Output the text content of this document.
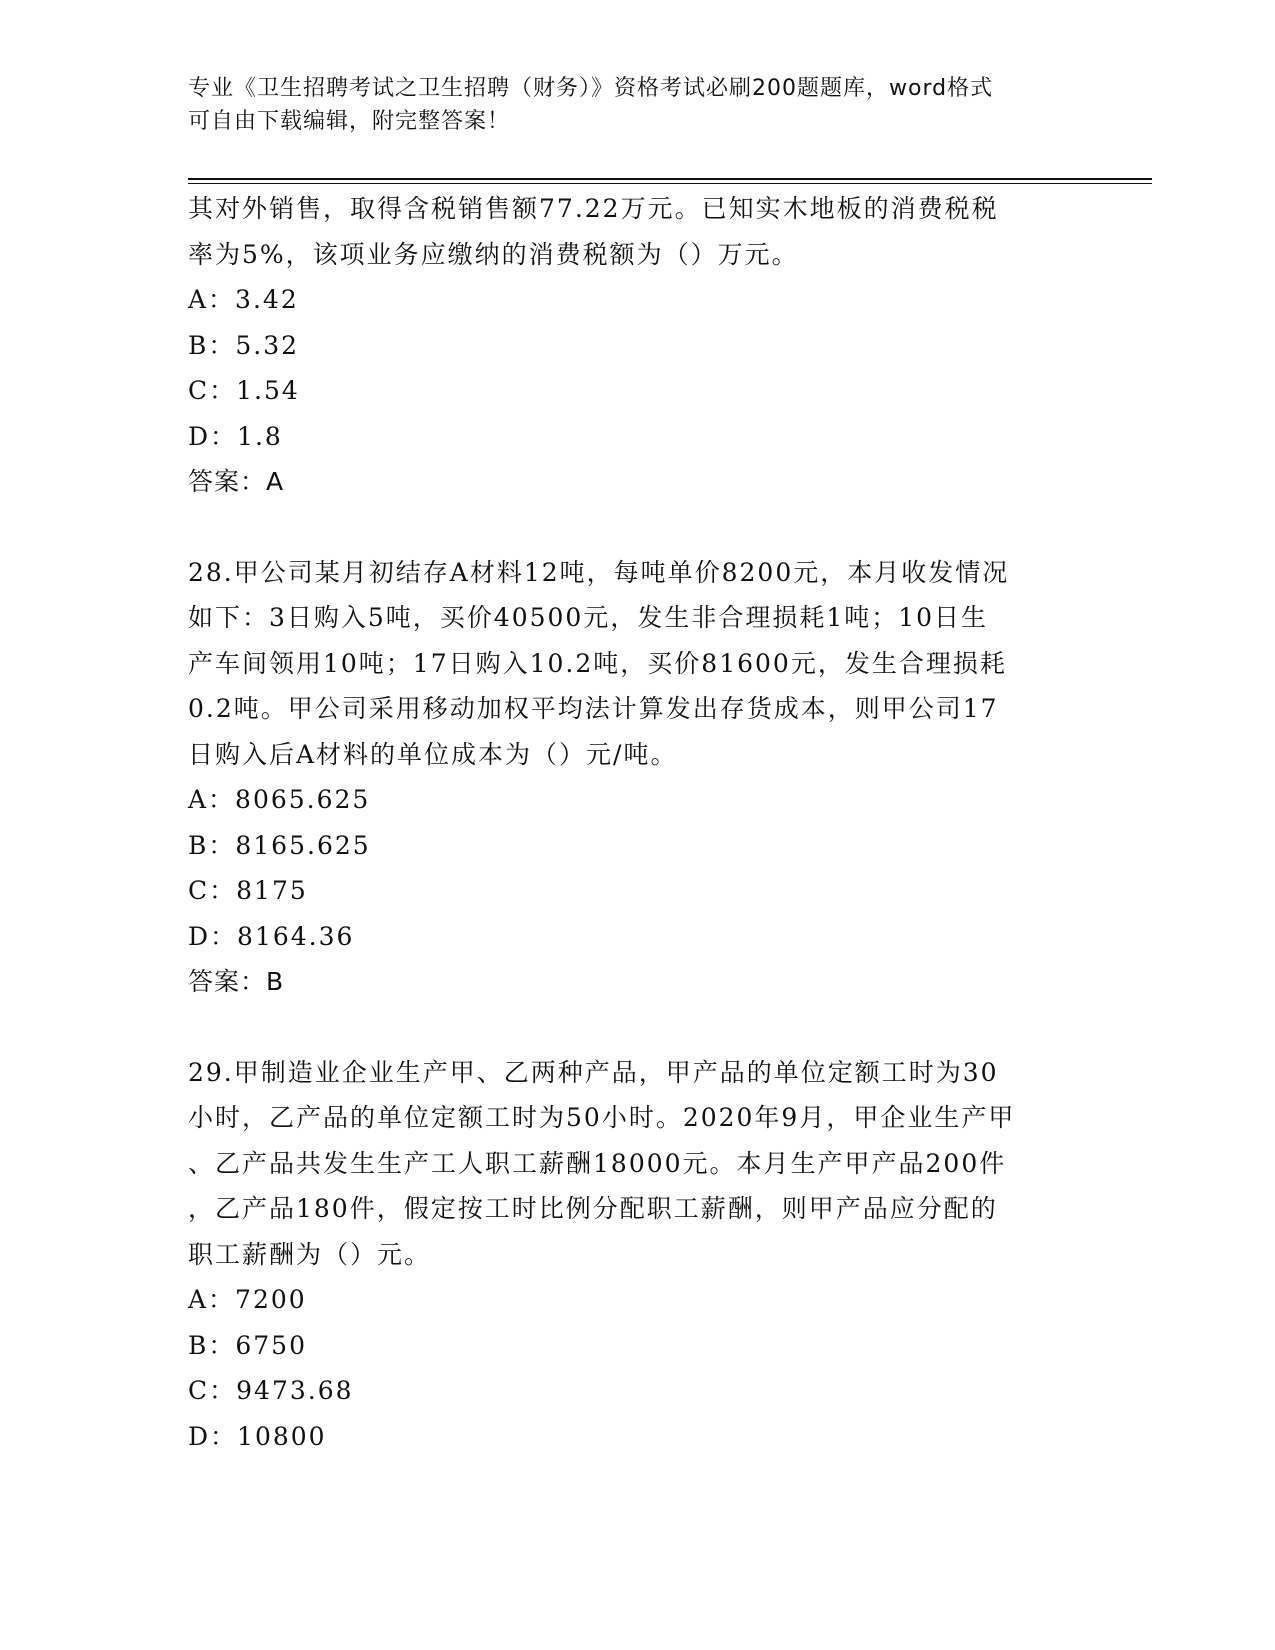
专业《卫生招聘考试之卫生招聘（财务）》资格考试必刷200题题库，word格式
可自由下载编辑，附完整答案！
其对外销售，取得含税销售额77.22万元。已知实木地板的消费税税
率为5%，该项业务应缴纳的消费税额为（）万元。
A：3.42
B：5.32
C：1.54
D：1.8
答案：A
28.甲公司某月初结存A材料12吨，每吨单价8200元，本月收发情况
如下：3日购入5吨，买价40500元，发生非合理损耗1吨；10日生
产车间领用10吨；17日购入10.2吨，买价81600元，发生合理损耗
0.2吨。甲公司采用移动加权平均法计算发出存货成本，则甲公司17
日购入后A材料的单位成本为（）元/吨。
A：8065.625
B：8165.625
C：8175
D：8164.36
答案：B
29.甲制造业企业生产甲、乙两种产品，甲产品的单位定额工时为30
小时，乙产品的单位定额工时为50小时。2020年9月，甲企业生产甲
、乙产品共发生生产工人职工薪酬18000元。本月生产甲产品200件
，乙产品180件，假定按工时比例分配职工薪酬，则甲产品应分配的
职工薪酬为（）元。
A：7200
B：6750
C：9473.68
D：10800
